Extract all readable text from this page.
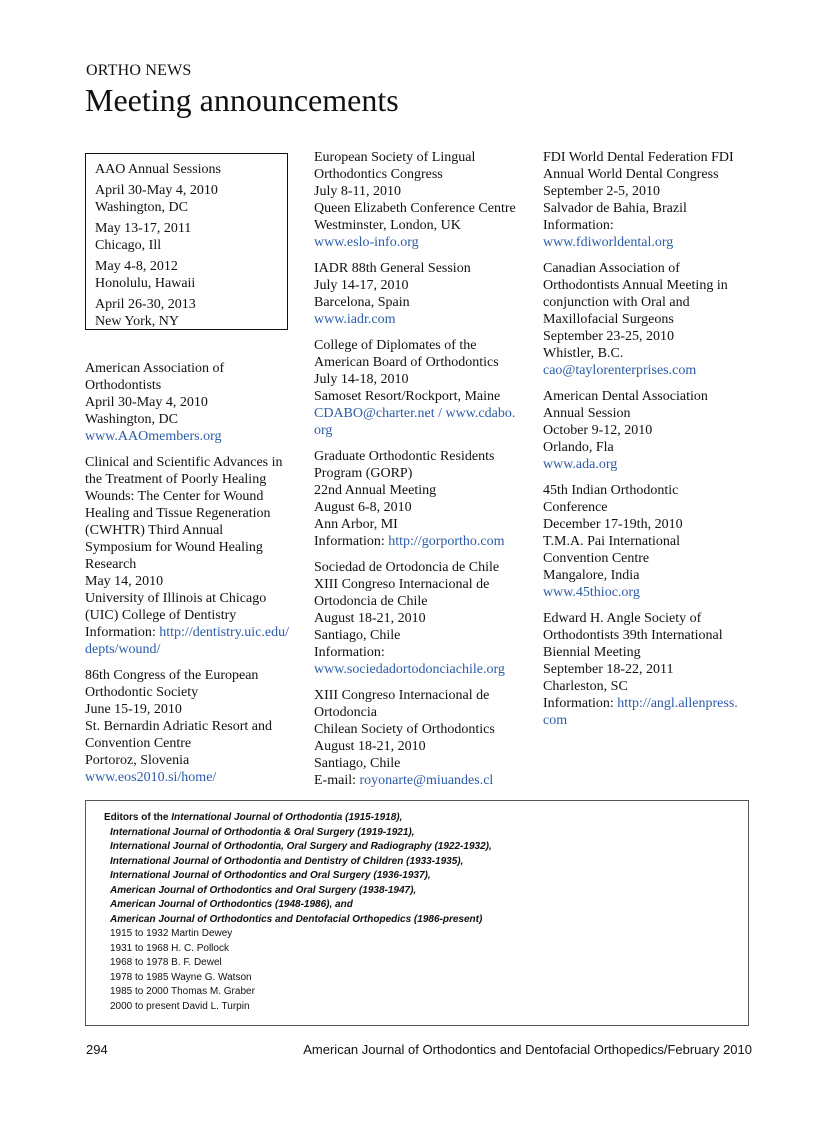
ORTHO NEWS
Meeting announcements
AAO Annual Sessions
April 30-May 4, 2010
Washington, DC
May 13-17, 2011
Chicago, Ill
May 4-8, 2012
Honolulu, Hawaii
April 26-30, 2013
New York, NY
American Association of
Orthodontists
April 30-May 4, 2010
Washington, DC
www.AAOmembers.org
Clinical and Scientific Advances in
the Treatment of Poorly Healing
Wounds: The Center for Wound
Healing and Tissue Regeneration
(CWHTR) Third Annual
Symposium for Wound Healing
Research
May 14, 2010
University of Illinois at Chicago
(UIC) College of Dentistry
Information: http://dentistry.uic.edu/
depts/wound/
86th Congress of the European
Orthodontic Society
June 15-19, 2010
St. Bernardin Adriatic Resort and
Convention Centre
Portoroz, Slovenia
www.eos2010.si/home/
European Society of Lingual
Orthodontics Congress
July 8-11, 2010
Queen Elizabeth Conference Centre
Westminster, London, UK
www.eslo-info.org
IADR 88th General Session
July 14-17, 2010
Barcelona, Spain
www.iadr.com
College of Diplomates of the
American Board of Orthodontics
July 14-18, 2010
Samoset Resort/Rockport, Maine
CDABO@charter.net / www.cdabo.
org
Graduate Orthodontic Residents
Program (GORP)
22nd Annual Meeting
August 6-8, 2010
Ann Arbor, MI
Information: http://gorportho.com
Sociedad de Ortodoncia de Chile
XIII Congreso Internacional de
Ortodoncia de Chile
August 18-21, 2010
Santiago, Chile
Information:
www.sociedadortodonciachile.org
XIII Congreso Internacional de
Ortodoncia
Chilean Society of Orthodontics
August 18-21, 2010
Santiago, Chile
E-mail: royonarte@miuandes.cl
FDI World Dental Federation FDI
Annual World Dental Congress
September 2-5, 2010
Salvador de Bahia, Brazil
Information:
www.fdiworldental.org
Canadian Association of
Orthodontists Annual Meeting in
conjunction with Oral and
Maxillofacial Surgeons
September 23-25, 2010
Whistler, B.C.
cao@taylorenterprises.com
American Dental Association
Annual Session
October 9-12, 2010
Orlando, Fla
www.ada.org
45th Indian Orthodontic
Conference
December 17-19th, 2010
T.M.A. Pai International
Convention Centre
Mangalore, India
www.45thioc.org
Edward H. Angle Society of
Orthodontists 39th International
Biennial Meeting
September 18-22, 2011
Charleston, SC
Information: http://angl.allenpress.
com
Editors of the International Journal of Orthodontia (1915-1918),
International Journal of Orthodontia & Oral Surgery (1919-1921),
International Journal of Orthodontia, Oral Surgery and Radiography (1922-1932),
International Journal of Orthodontia and Dentistry of Children (1933-1935),
International Journal of Orthodontics and Oral Surgery (1936-1937),
American Journal of Orthodontics and Oral Surgery (1938-1947),
American Journal of Orthodontics (1948-1986), and
American Journal of Orthodontics and Dentofacial Orthopedics (1986-present)
1915 to 1932 Martin Dewey
1931 to 1968 H. C. Pollock
1968 to 1978 B. F. Dewel
1978 to 1985 Wayne G. Watson
1985 to 2000 Thomas M. Graber
2000 to present David L. Turpin
294	American Journal of Orthodontics and Dentofacial Orthopedics/February 2010
